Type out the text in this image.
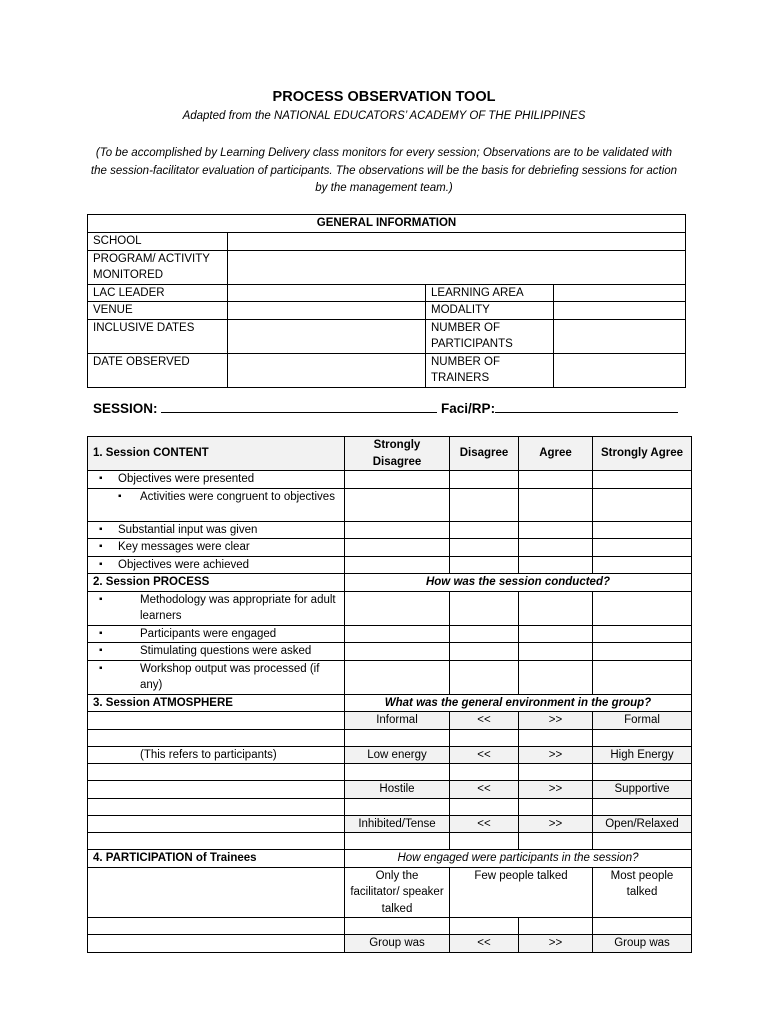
PROCESS OBSERVATION TOOL
Adapted from the NATIONAL EDUCATORS’ ACADEMY OF THE PHILIPPINES
(To be accomplished by Learning Delivery class monitors for every session; Observations are to be validated with the session-facilitator evaluation of participants. The observations will be the basis for debriefing sessions for action by the management team.)
GENERAL INFORMATION			
SCHOOL			
PROGRAM/ ACTIVITY MONITORED			
LAC LEADER		LEARNING AREA	
VENUE		MODALITY	
INCLUSIVE DATES		NUMBER OF PARTICIPANTS	
DATE OBSERVED		NUMBER OF TRAINERS	
SESSION:	Faci/RP:
1. Session CONTENT	Strongly Disagree	Disagree	Agree	Strongly Agree

▪ Objectives were presented

▪ Activities were congruent to objectives				

▪ Substantial input was given

▪ Key messages were clear

▪ Objectives were achieved

2. Session PROCESS	How was the session conducted?			

▪ Methodology was appropriate for adult learners

▪ Participants were engaged

▪ Stimulating questions were asked

▪ Workshop output was processed (if any)

3. Session ATMOSPHERE	What was the general environment in the group?			
	Informal	<<	>>	Formal

(This refers to participants)	Low energy	<<	>>	High Energy

	Hostile	<<	>>	Supportive

	Inhibited/Tense	<<	>>	Open/Relaxed

4. PARTICIPATION of Trainees	How engaged were participants in the session?			
	Only the facilitator/ speaker talked	Few people talked		Most people talked

	Group was	<<	>>	Group was
